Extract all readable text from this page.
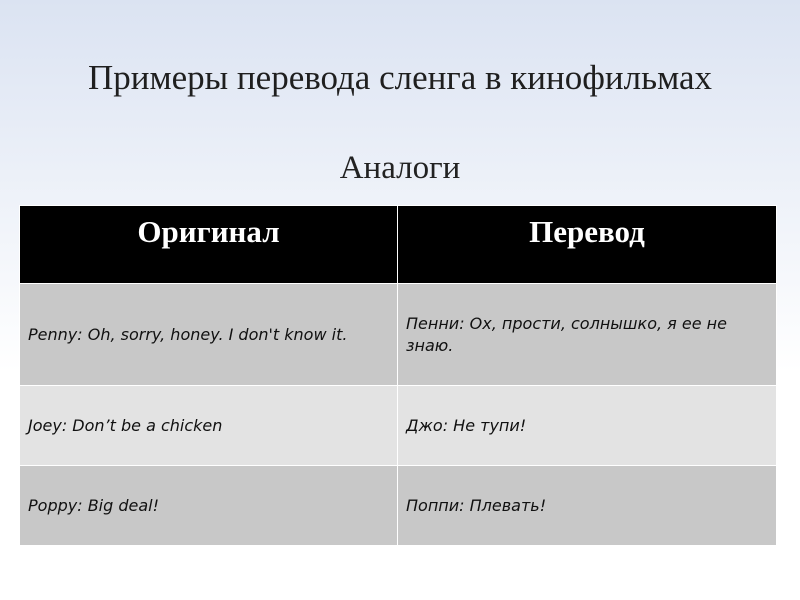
Примеры перевода сленга в кинофильмах
Аналоги
Оригинал	Перевод
Penny: Oh, sorry, honey. I don't know it.	Пенни: Ох, прости, солнышко, я ее не знаю.
Joey: Don’t be a chicken	Джо: Не тупи!
Poppy: Big deal!	Поппи: Плевать!
